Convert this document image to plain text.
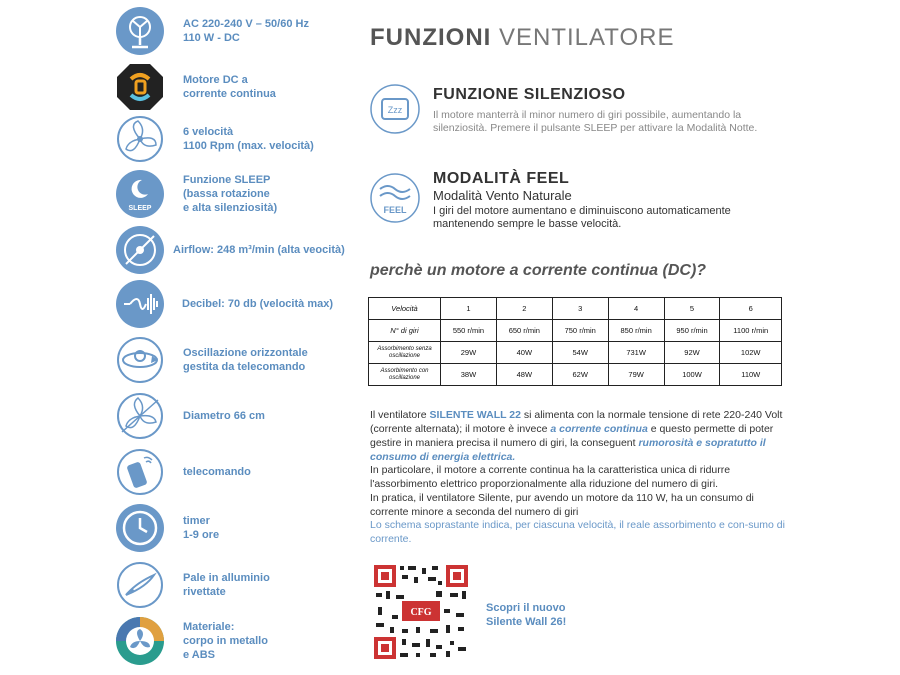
AC 220-240 V – 50/60 Hz
110 W - DC
Motore DC a
corrente continua
6 velocità
1100 Rpm (max. velocità)
SLEEP
Funzione SLEEP
(bassa rotazione
e alta silenziosità)
Airflow: 248 m³/min (alta veocità)
Decibel: 70 db (velocità max)
Oscillazione orizzontale
gestita da telecomando
Diametro 66 cm
telecomando
timer
1-9 ore
Pale in alluminio
rivettate
Materiale:
corpo in metallo
e ABS
FUNZIONI VENTILATORE
Zzz
FUNZIONE SILENZIOSO
Il motore manterrà il minor numero di giri possibile, aumentando la silenziosità. Premere il pulsante SLEEP per attivare la Modalità Notte.
FEEL
MODALITÀ FEEL
Modalità Vento Naturale
I giri del motore aumentano e diminuiscono automaticamente mantenendo sempre le basse velocità.
perchè un motore a corrente continua (DC)?
Velocità	1	2	3	4	5	6
N° di giri	550 r/min	650 r/min	750 r/min	850 r/min	950 r/min	1100 r/min
Assorbimento senza oscillazione	29W	40W	54W	731W	92W	102W
Assorbimento con oscillazione	38W	48W	62W	79W	100W	110W
Il ventilatore SILENTE WALL 22 si alimenta con la normale tensione di rete 220-240 Volt (corrente alternata); il motore è invece a corrente continua e questo permette di poter gestire in maniera precisa il numero di giri, la conseguent rumorosità e sopratutto il consumo di energia elettrica.
In particolare, il motore a corrente continua ha la caratteristica unica di ridurre l'assorbimento elettrico proporzionalmente alla riduzione del numero di giri.
In pratica, il ventilatore Silente, pur avendo un motore da 110 W, ha un consumo di corrente minore a seconda del numero di giri
Lo schema soprastante indica, per ciascuna velocità, il reale assorbimento e con-sumo di corrente.
CFG	Scopri il nuovo
Silente Wall 26!
